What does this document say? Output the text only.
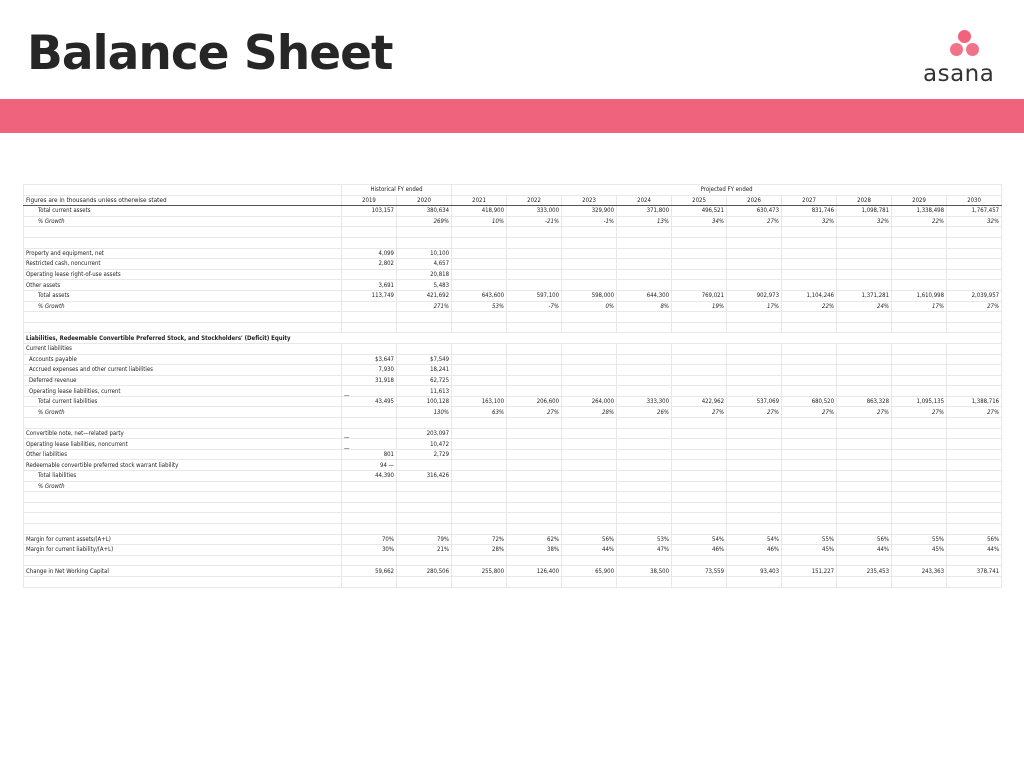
Balance Sheet	asana
	Historical FY ended		Projected FY ended									
Figures are in thousands unless otherwise stated	2019	2020	2021	2022	2023	2024	2025	2026	2027	2028	2029	2030
Total current assets	103,157	380,634	418,900	333,000	329,900	371,800	496,521	630,473	831,746	1,098,781	1,338,498	1,767,457
% Growth		269%	10%	-21%	-1%	13%	34%	27%	32%	32%	22%	32%

Property and equipment, net	4,099	10,100										
Restricted cash, noncurrent	2,802	4,657										
Operating lease right-of-use assets	—	20,818										
Other assets	3,691	5,483										
Total assets	113,749	421,692	643,600	597,100	598,000	644,300	769,021	902,973	1,104,246	1,371,281	1,610,998	2,039,957
% Growth		271%	53%	-7%	0%	8%	19%	17%	22%	24%	17%	27%

Liabilities, Redeemable Convertible Preferred Stock, and Stockholders' (Deficit) Equity												
Current liabilities												
Accounts payable	$3,647	$7,549										
Accrued expenses and other current liabilities	7,930	18,241										
Deferred revenue	31,918	62,725										
Operating lease liabilities, current	—	11,613										
Total current liabilities	43,495	100,128	163,100	206,600	264,000	333,300	422,962	537,069	680,520	863,328	1,095,135	1,388,716
% Growth		130%	63%	27%	28%	26%	27%	27%	27%	27%	27%	27%

Convertible note, net—related party	—	203,097										
Operating lease liabilities, noncurrent	—	10,472										
Other liabilities	801	2,729										
Redeemable convertible preferred stock warrant liability	94 —											
Total liabilities	44,390	316,426										
% Growth												

Margin for current assets/(A+L)	70%	79%	72%	62%	56%	53%	54%	54%	55%	56%	55%	56%
Margin for current liability/(A+L)	30%	21%	28%	38%	44%	47%	46%	46%	45%	44%	45%	44%

Change in Net Working Capital	59,662	280,506	255,800	126,400	65,900	38,500	73,559	93,403	151,227	235,453	243,363	378,741
